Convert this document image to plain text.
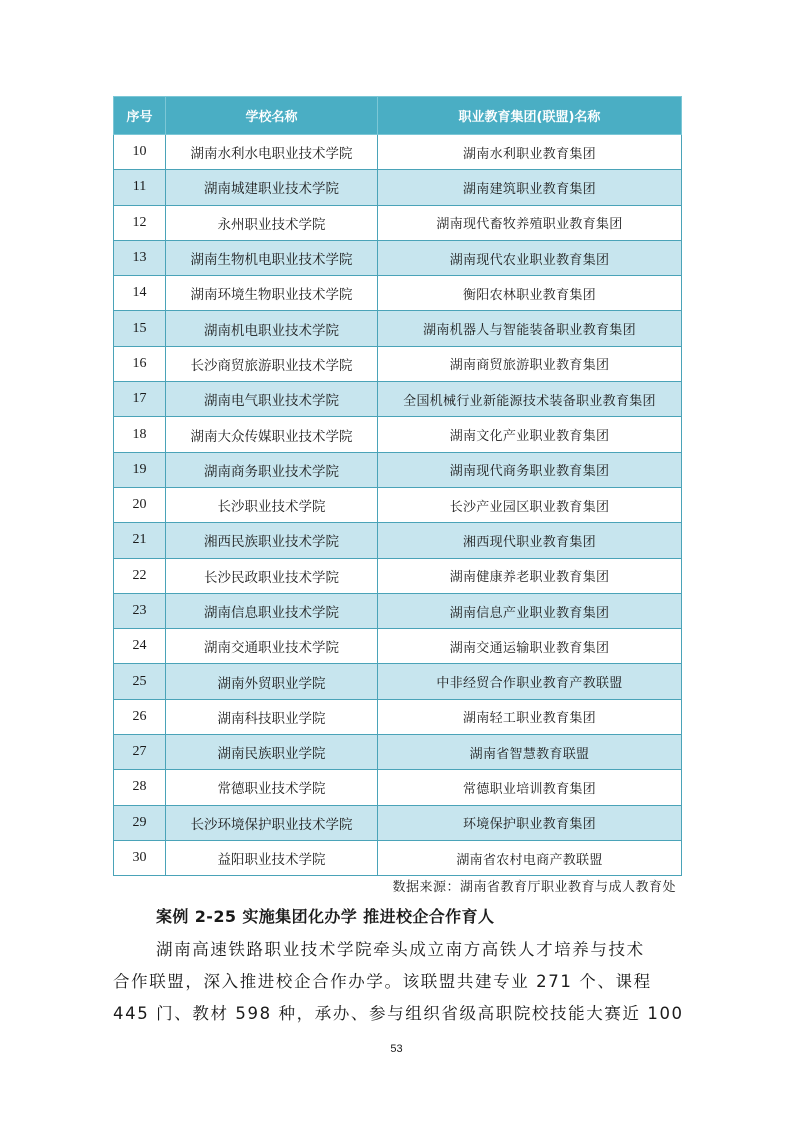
序号	学校名称	职业教育集团(联盟)名称
10	湖南水利水电职业技术学院	湖南水利职业教育集团
11	湖南城建职业技术学院	湖南建筑职业教育集团
12	永州职业技术学院	湖南现代畜牧养殖职业教育集团
13	湖南生物机电职业技术学院	湖南现代农业职业教育集团
14	湖南环境生物职业技术学院	衡阳农林职业教育集团
15	湖南机电职业技术学院	湖南机器人与智能装备职业教育集团
16	长沙商贸旅游职业技术学院	湖南商贸旅游职业教育集团
17	湖南电气职业技术学院	全国机械行业新能源技术装备职业教育集团
18	湖南大众传媒职业技术学院	湖南文化产业职业教育集团
19	湖南商务职业技术学院	湖南现代商务职业教育集团
20	长沙职业技术学院	长沙产业园区职业教育集团
21	湘西民族职业技术学院	湘西现代职业教育集团
22	长沙民政职业技术学院	湖南健康养老职业教育集团
23	湖南信息职业技术学院	湖南信息产业职业教育集团
24	湖南交通职业技术学院	湖南交通运输职业教育集团
25	湖南外贸职业学院	中非经贸合作职业教育产教联盟
26	湖南科技职业学院	湖南轻工职业教育集团
27	湖南民族职业学院	湖南省智慧教育联盟
28	常德职业技术学院	常德职业培训教育集团
29	长沙环境保护职业技术学院	环境保护职业教育集团
30	益阳职业技术学院	湖南省农村电商产教联盟
数据来源：湖南省教育厅职业教育与成人教育处
案例 2-25 实施集团化办学 推进校企合作育人
湖南高速铁路职业技术学院牵头成立南方高铁人才培养与技术
合作联盟，深入推进校企合作办学。该联盟共建专业 271 个、课程
445 门、教材 598 种，承办、参与组织省级高职院校技能大赛近 100
53
